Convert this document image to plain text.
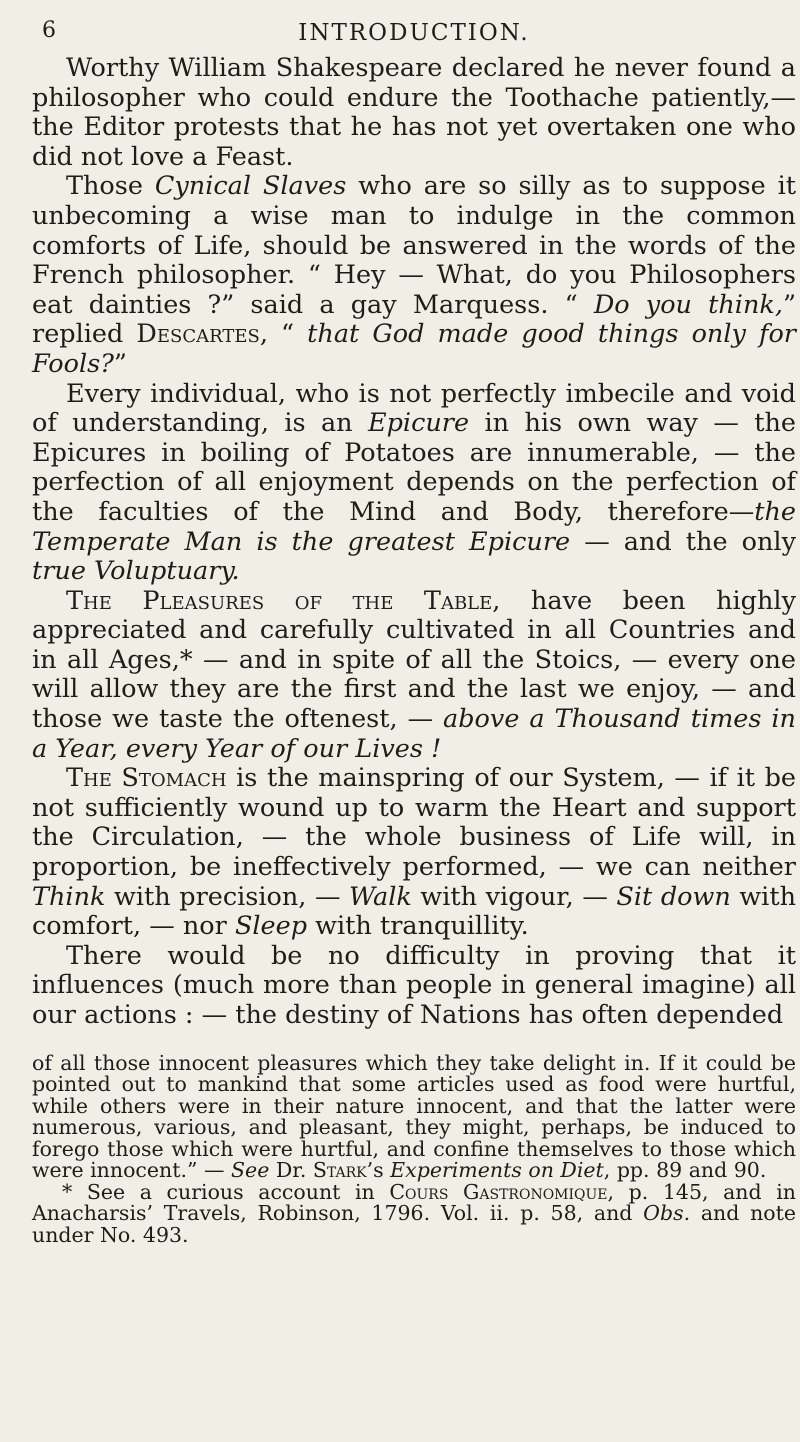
6	INTRODUCTION.

Worthy William Shakespeare declared he never found a philosopher who could endure the Toothache patiently,— the Editor protests that he has not yet overtaken one who did not love a Feast.

Those Cynical Slaves who are so silly as to suppose it unbecoming a wise man to indulge in the common comforts of Life, should be answered in the words of the French philosopher. “ Hey — What, do you Philosophers eat dainties ?” said a gay Marquess. “ Do you think,” replied Descartes, “ that God made good things only for Fools?”

Every individual, who is not perfectly imbecile and void of understanding, is an Epicure in his own way — the Epicures in boiling of Potatoes are innumerable, — the perfection of all enjoyment depends on the perfection of the faculties of the Mind and Body, therefore—the Temperate Man is the greatest Epicure — and the only true Voluptuary.

The Pleasures of the Table, have been highly appreciated and carefully cultivated in all Countries and in all Ages,* — and in spite of all the Stoics, — every one will allow they are the first and the last we enjoy, — and those we taste the oftenest, — above a Thousand times in a Year, every Year of our Lives !

The Stomach is the mainspring of our System, — if it be not sufficiently wound up to warm the Heart and support the Circulation, — the whole business of Life will, in proportion, be ineffectively performed, — we can neither Think with precision, — Walk with vigour, — Sit down with comfort, — nor Sleep with tranquillity.

There would be no difficulty in proving that it influences (much more than people in general imagine) all our actions : — the destiny of Nations has often depended

of all those innocent pleasures which they take delight in. If it could be pointed out to mankind that some articles used as food were hurtful, while others were in their nature innocent, and that the latter were numerous, various, and pleasant, they might, perhaps, be induced to forego those which were hurtful, and confine themselves to those which were innocent.” — See Dr. Stark’s Experiments on Diet, pp. 89 and 90.

* See a curious account in Cours Gastronomique, p. 145, and in Anacharsis’ Travels, Robinson, 1796. Vol. ii. p. 58, and Obs. and note under No. 493.
